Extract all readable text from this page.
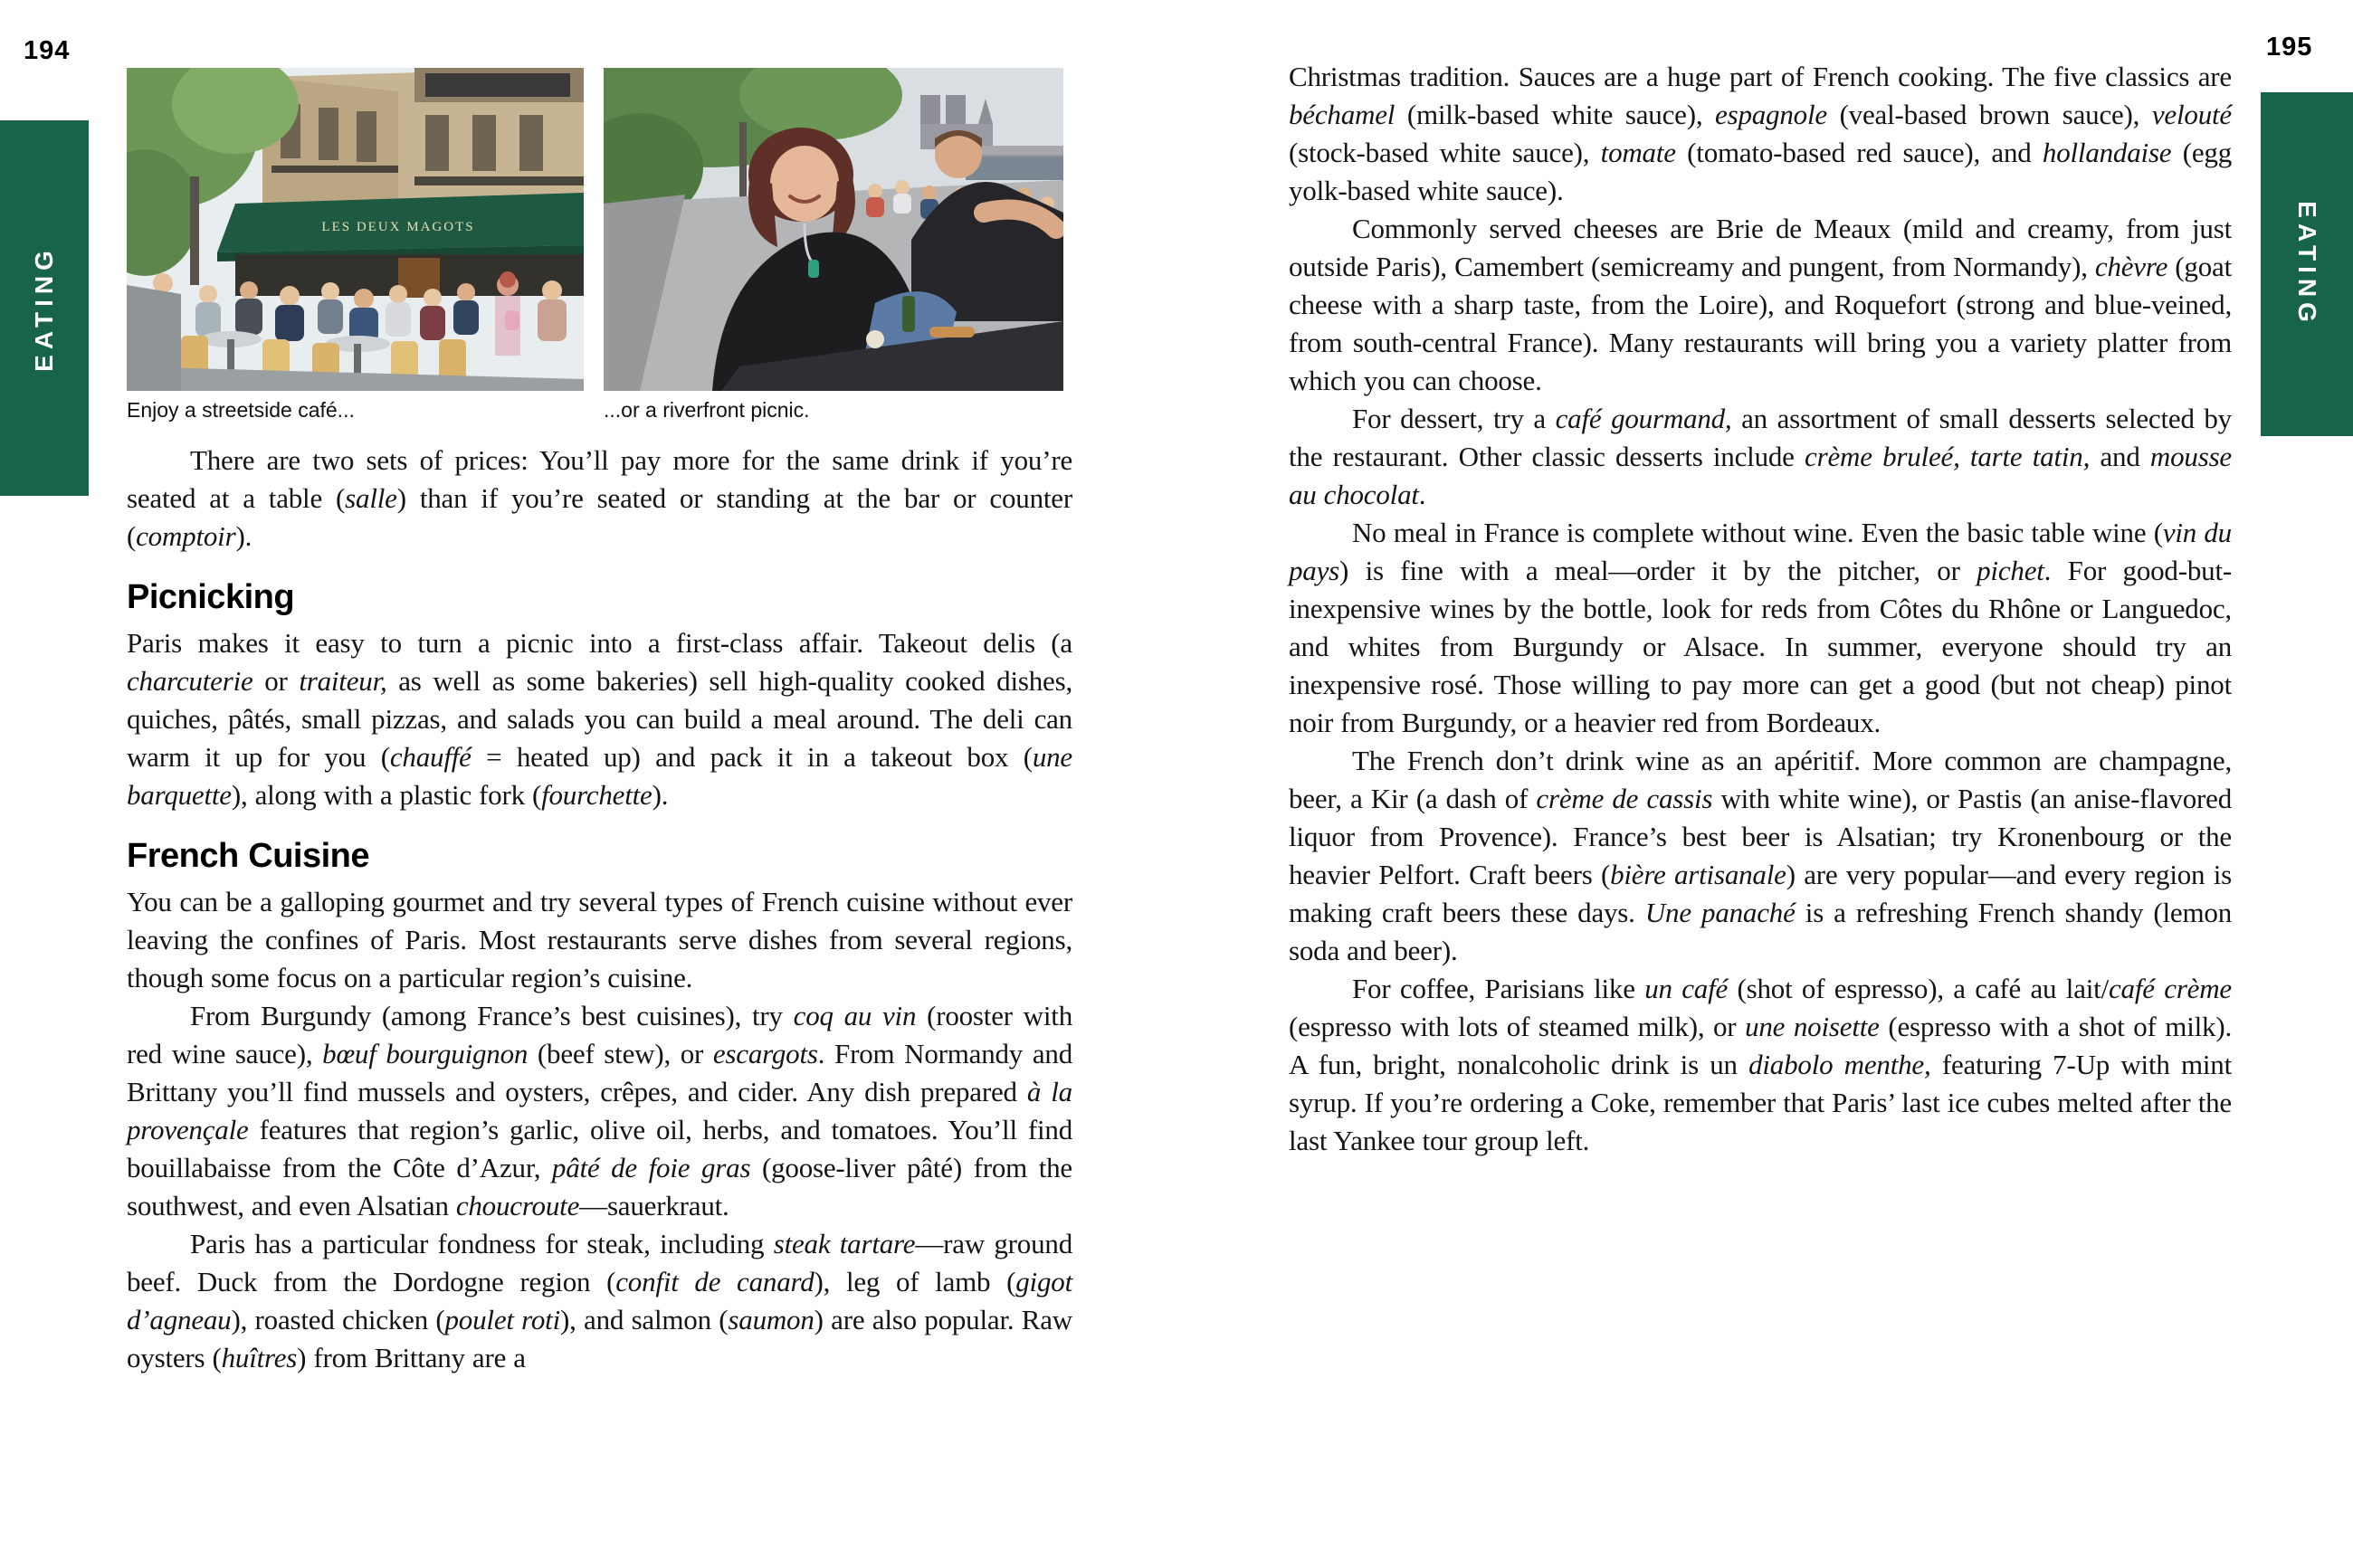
194	195
EATING	EATING
LES DEUX MAGOTS
Enjoy a streetside café...	...or a riverfront picnic.

There are two sets of prices: You’ll pay more for the same drink if you’re seated at a table (salle) than if you’re seated or standing at the bar or counter (comptoir).

Picnicking

Paris makes it easy to turn a picnic into a first-class affair. Takeout delis (a charcuterie or traiteur, as well as some bakeries) sell high-quality cooked dishes, quiches, pâtés, small pizzas, and salads you can build a meal around. The deli can warm it up for you (chauffé = heated up) and pack it in a takeout box (une barquette), along with a plastic fork (fourchette).

French Cuisine

You can be a galloping gourmet and try several types of French cuisine without ever leaving the confines of Paris. Most restaurants serve dishes from several regions, though some focus on a particular region’s cuisine.

From Burgundy (among France’s best cuisines), try coq au vin (rooster with red wine sauce), bœuf bourguignon (beef stew), or escargots. From Normandy and Brittany you’ll find mussels and oysters, crêpes, and cider. Any dish prepared à la provençale features that region’s garlic, olive oil, herbs, and tomatoes. You’ll find bouillabaisse from the Côte d’Azur, pâté de foie gras (goose-liver pâté) from the southwest, and even Alsatian choucroute—sauerkraut.

Paris has a particular fondness for steak, including steak tartare—raw ground beef. Duck from the Dordogne region (confit de canard), leg of lamb (gigot d’agneau), roasted chicken (poulet roti), and salmon (saumon) are also popular. Raw oysters (huîtres) from Brittany are a

Christmas tradition. Sauces are a huge part of French cooking. The five classics are béchamel (milk-based white sauce), espagnole (veal-based brown sauce), velouté (stock-based white sauce), tomate (tomato-based red sauce), and hollandaise (egg yolk-based white sauce).

Commonly served cheeses are Brie de Meaux (mild and creamy, from just outside Paris), Camembert (semicreamy and pungent, from Normandy), chèvre (goat cheese with a sharp taste, from the Loire), and Roquefort (strong and blue-veined, from south-central France). Many restaurants will bring you a variety platter from which you can choose.

For dessert, try a café gourmand, an assortment of small desserts selected by the restaurant. Other classic desserts include crème bruleé, tarte tatin, and mousse au chocolat.

No meal in France is complete without wine. Even the basic table wine (vin du pays) is fine with a meal—order it by the pitcher, or pichet. For good-but-inexpensive wines by the bottle, look for reds from Côtes du Rhône or Languedoc, and whites from Burgundy or Alsace. In summer, everyone should try an inexpensive rosé. Those willing to pay more can get a good (but not cheap) pinot noir from Burgundy, or a heavier red from Bordeaux.

The French don’t drink wine as an apéritif. More common are champagne, beer, a Kir (a dash of crème de cassis with white wine), or Pastis (an anise-flavored liquor from Provence). France’s best beer is Alsatian; try Kronenbourg or the heavier Pelfort. Craft beers (bière artisanale) are very popular—and every region is making craft beers these days. Une panaché is a refreshing French shandy (lemon soda and beer).

For coffee, Parisians like un café (shot of espresso), a café au lait/café crème (espresso with lots of steamed milk), or une noisette (espresso with a shot of milk). A fun, bright, nonalcoholic drink is un diabolo menthe, featuring 7-Up with mint syrup. If you’re ordering a Coke, remember that Paris’ last ice cubes melted after the last Yankee tour group left.
